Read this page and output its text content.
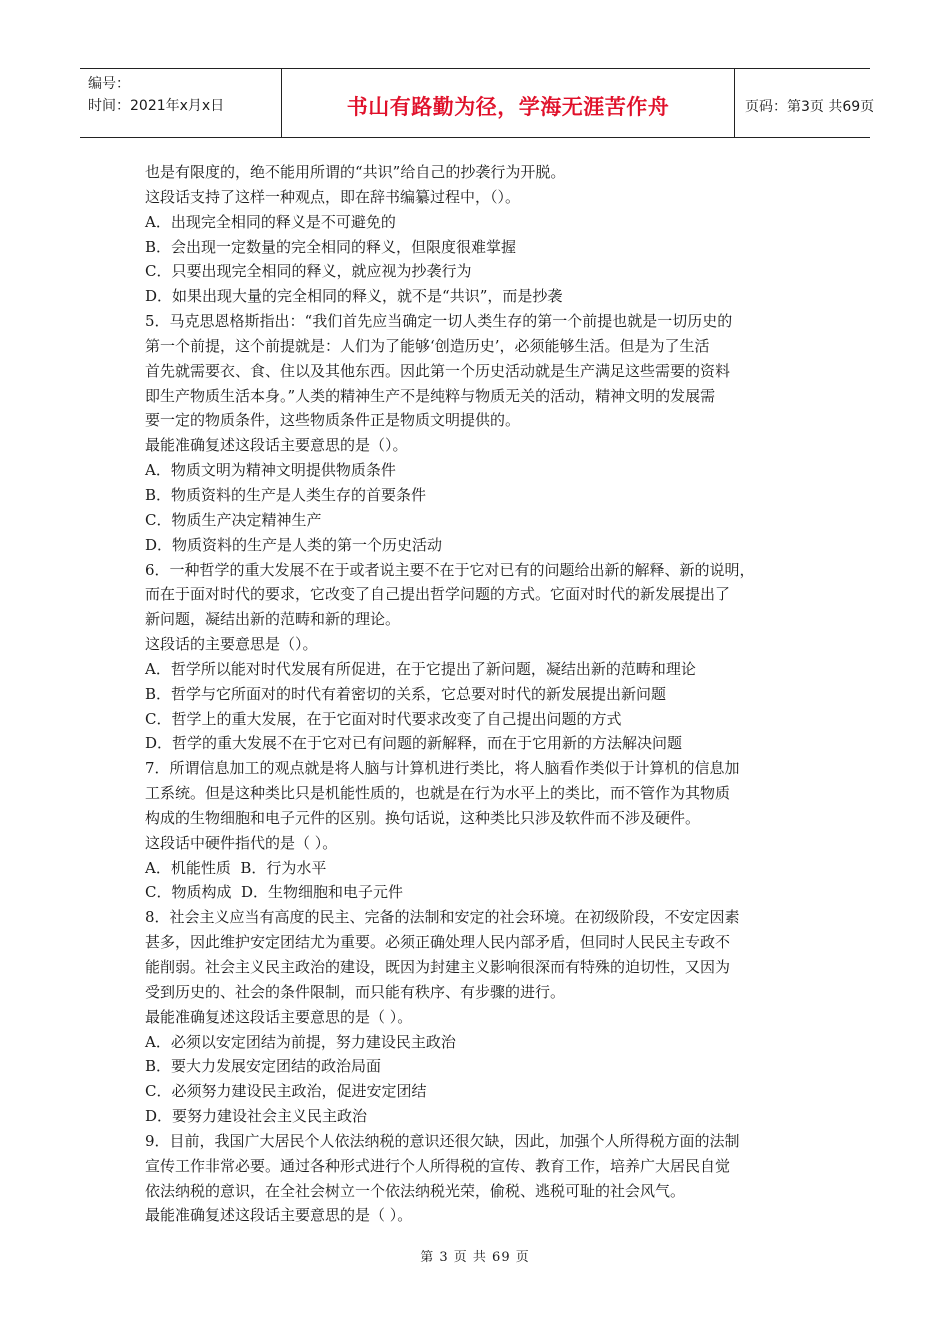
编号：
时间：2021年x月x日	书山有路勤为径，学海无涯苦作舟	页码：第3页 共69页

也是有限度的，绝不能用所谓的“共识”给自己的抄袭行为开脱。

这段话支持了这样一种观点，即在辞书编纂过程中，（）。

A．出现完全相同的释义是不可避免的

B．会出现一定数量的完全相同的释义，但限度很难掌握

C．只要出现完全相同的释义，就应视为抄袭行为

D．如果出现大量的完全相同的释义，就不是“共识”，而是抄袭

5．马克思恩格斯指出：“我们首先应当确定一切人类生存的第一个前提也就是一切历史的

第一个前提，这个前提就是：人们为了能够‘创造历史’，必须能够生活。但是为了生活

首先就需要衣、食、住以及其他东西。因此第一个历史活动就是生产满足这些需要的资料

即生产物质生活本身。”人类的精神生产不是纯粹与物质无关的活动，精神文明的发展需

要一定的物质条件，这些物质条件正是物质文明提供的。

最能准确复述这段话主要意思的是（）。

A．物质文明为精神文明提供物质条件

B．物质资料的生产是人类生存的首要条件

C．物质生产决定精神生产

D．物质资料的生产是人类的第一个历史活动

6．一种哲学的重大发展不在于或者说主要不在于它对已有的问题给出新的解释、新的说明，

而在于面对时代的要求，它改变了自己提出哲学问题的方式。它面对时代的新发展提出了

新问题，凝结出新的范畴和新的理论。

这段话的主要意思是（）。

A．哲学所以能对时代发展有所促进，在于它提出了新问题，凝结出新的范畴和理论

B．哲学与它所面对的时代有着密切的关系，它总要对时代的新发展提出新问题

C．哲学上的重大发展，在于它面对时代要求改变了自己提出问题的方式

D．哲学的重大发展不在于它对已有问题的新解释，而在于它用新的方法解决问题

7．所谓信息加工的观点就是将人脑与计算机进行类比，将人脑看作类似于计算机的信息加

工系统。但是这种类比只是机能性质的，也就是在行为水平上的类比，而不管作为其物质

构成的生物细胞和电子元件的区别。换句话说，这种类比只涉及软件而不涉及硬件。

这段话中硬件指代的是（ ）。

A．机能性质  B．行为水平

C．物质构成  D．生物细胞和电子元件

8．社会主义应当有高度的民主、完备的法制和安定的社会环境。在初级阶段，不安定因素

甚多，因此维护安定团结尤为重要。必须正确处理人民内部矛盾，但同时人民民主专政不

能削弱。社会主义民主政治的建设，既因为封建主义影响很深而有特殊的迫切性，又因为

受到历史的、社会的条件限制，而只能有秩序、有步骤的进行。

最能准确复述这段话主要意思的是（ ）。

A．必须以安定团结为前提，努力建设民主政治

B．要大力发展安定团结的政治局面

C．必须努力建设民主政治，促进安定团结

D．要努力建设社会主义民主政治

9．目前，我国广大居民个人依法纳税的意识还很欠缺，因此，加强个人所得税方面的法制

宣传工作非常必要。通过各种形式进行个人所得税的宣传、教育工作，培养广大居民自觉

依法纳税的意识，在全社会树立一个依法纳税光荣，偷税、逃税可耻的社会风气。

最能准确复述这段话主要意思的是（ ）。

第 3 页 共 69 页
